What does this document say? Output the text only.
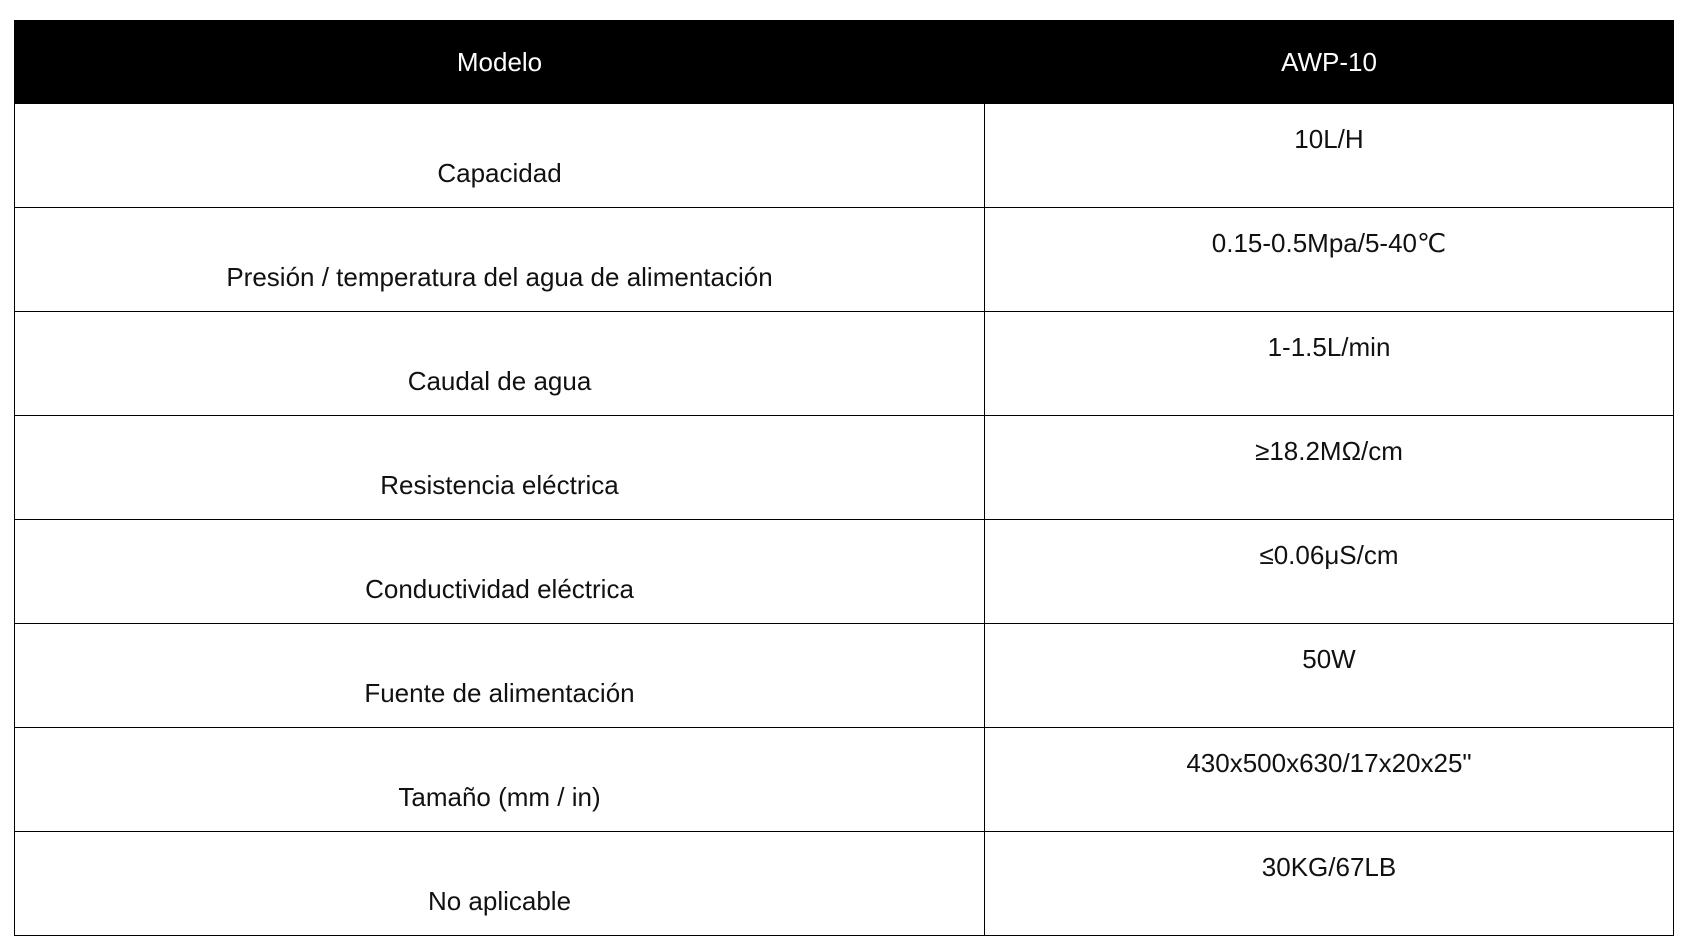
Modelo	AWP-10
Capacidad	10L/H
Presión / temperatura del agua de alimentación	0.15-0.5Mpa/5-40℃
Caudal de agua	1-1.5L/min
Resistencia eléctrica	≥18.2MΩ/cm
Conductividad eléctrica	≤0.06μS/cm
Fuente de alimentación	50W
Tamaño (mm / in)	430x500x630/17x20x25"
No aplicable	30KG/67LB
